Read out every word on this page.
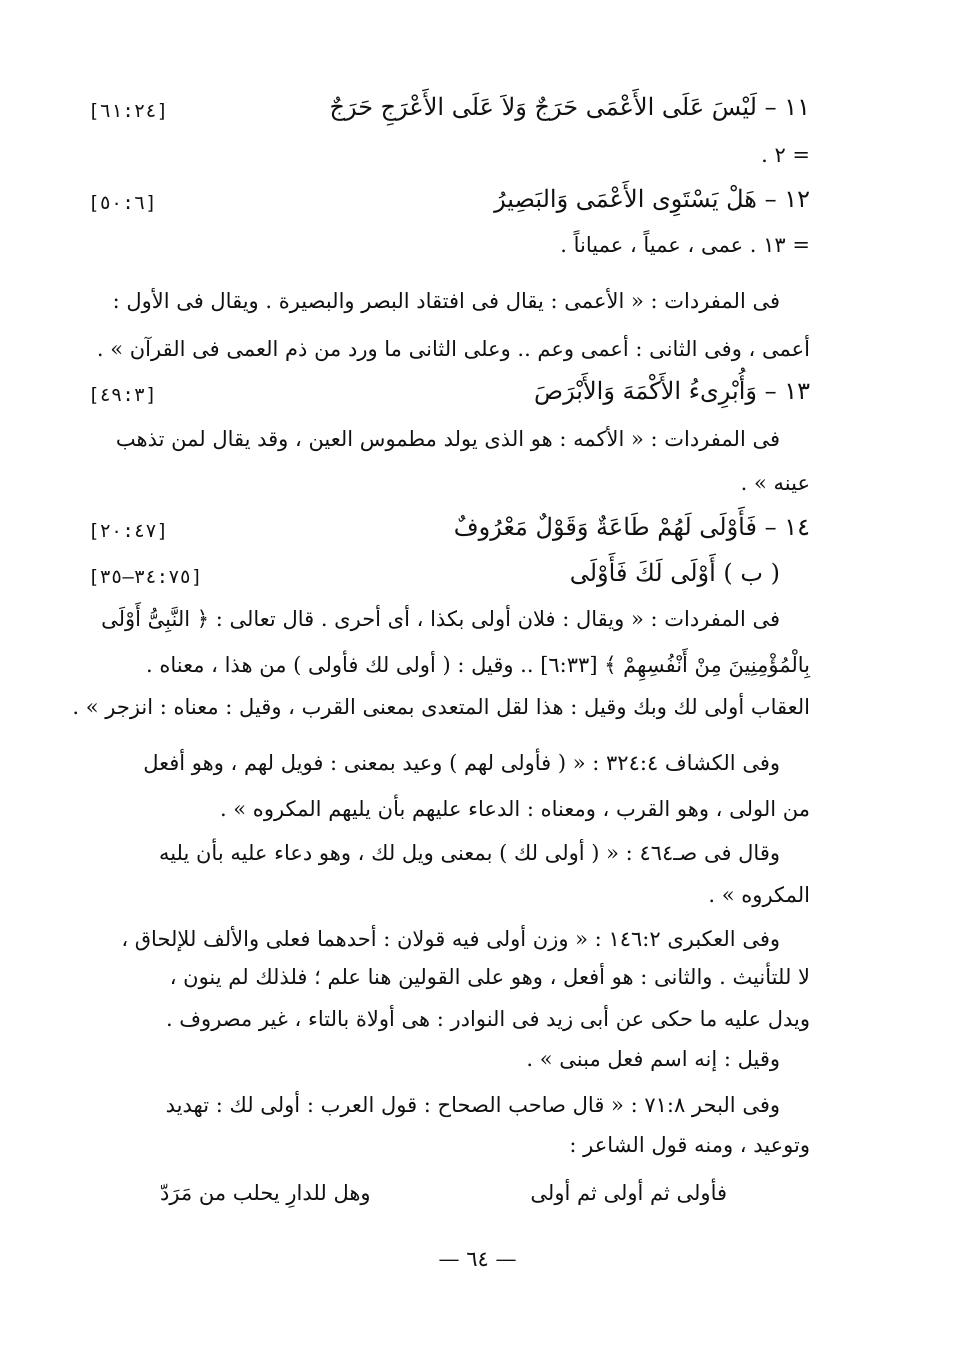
١١ – لَيْسَ عَلَى الأَعْمَى حَرَجٌ وَلاَ عَلَى الأَعْرَجِ حَرَجٌ
[٦١:٢٤]
= ٢ .
١٢ – هَلْ يَسْتَوِى الأَعْمَى وَالبَصِيرُ
[٥٠:٦]
= ١٣ . عمى ، عمياً ، عمياناً .
فى المفردات : « الأعمى : يقال فى افتقاد البصر والبصيرة . ويقال فى الأول :
أعمى ، وفى الثانى : أعمى وعم .. وعلى الثانى ما ورد من ذم العمى فى القرآن » .
١٣ – وَأُبْرِىءُ الأَكْمَهَ وَالأَبْرَصَ
[٤٩:٣]
فى المفردات : « الأكمه : هو الذى يولد مطموس العين ، وقد يقال لمن تذهب
عينه » .
١٤ – فَأَوْلَى لَهُمْ طَاعَةٌ وَقَوْلٌ مَعْرُوفٌ
[٢٠:٤٧]
( ب ) أَوْلَى لَكَ فَأَوْلَى
[٣٤:٧٥—٣٥]
فى المفردات : « ويقال : فلان أولى بكذا ، أى أحرى . قال تعالى : ﴿ النَّبِىُّ أَوْلَى
بِالْمُؤْمِنِينَ مِنْ أَنْفُسِهِمْ ﴾ [٦:٣٣] .. وقيل : ( أولى لك فأولى ) من هذا ، معناه .
العقاب أولى لك وبك وقيل : هذا لقل المتعدى بمعنى القرب ، وقيل : معناه : انزجر » .
وفى الكشاف ٣٢٤:٤ : « ( فأولى لهم ) وعيد بمعنى : فويل لهم ، وهو أفعل
من الولى ، وهو القرب ، ومعناه : الدعاء عليهم بأن يليهم المكروه » .
وقال فى صـ٤٦٤ : « ( أولى لك ) بمعنى ويل لك ، وهو دعاء عليه بأن يليه
المكروه » .
وفى العكبرى ١٤٦:٢ : « وزن أولى فيه قولان : أحدهما فعلى والألف للإلحاق ،
لا للتأنيث . والثانى : هو أفعل ، وهو على القولين هنا علم ؛ فلذلك لم ينون ،
ويدل عليه ما حكى عن أبى زيد فى النوادر : هى أولاة بالتاء ، غير مصروف .
وقيل : إنه اسم فعل مبنى » .
وفى البحر ٧١:٨ : « قال صاحب الصحاح : قول العرب : أولى لك : تهديد
وتوعيد ، ومنه قول الشاعر :
فأولى ثم أولى ثم أولى
وهل للدارِ يحلب من مَرَدّ
— ٦٤ —
